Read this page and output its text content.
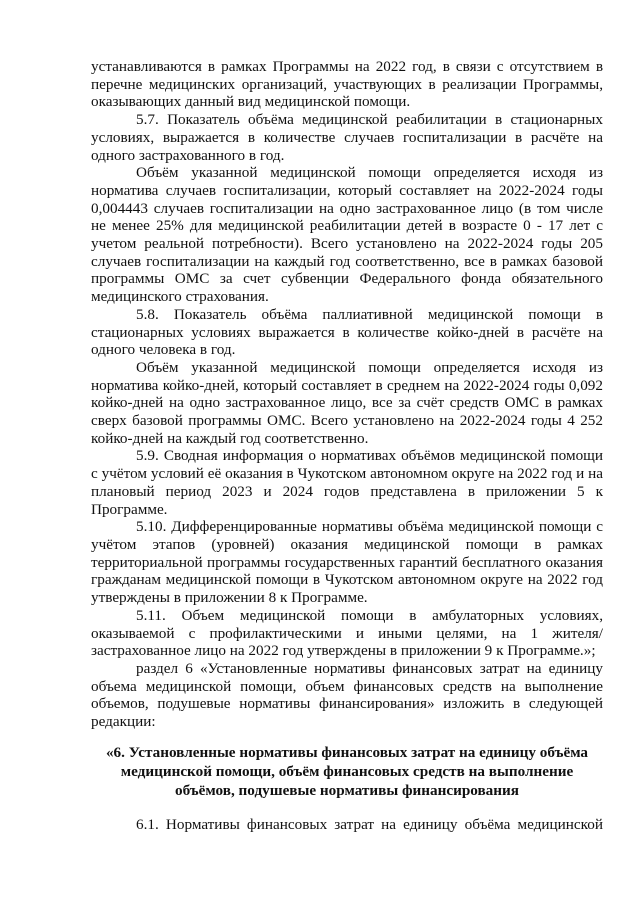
устанавливаются в рамках Программы на 2022 год, в связи с отсутствием в перечне медицинских организаций, участвующих в реализации Программы, оказывающих данный вид медицинской помощи.

5.7. Показатель объёма медицинской реабилитации в стационарных условиях, выражается в количестве случаев госпитализации в расчёте на одного застрахованного в год.

Объём указанной медицинской помощи определяется исходя из норматива случаев госпитализации, который составляет на 2022-2024 годы 0,004443 случаев госпитализации на одно застрахованное лицо (в том числе не менее 25% для медицинской реабилитации детей в возрасте 0 - 17 лет с учетом реальной потребности). Всего установлено на 2022-2024 годы 205 случаев госпитализации на каждый год соответственно, все в рамках базовой программы ОМС за счет субвенции Федерального фонда обязательного медицинского страхования.

5.8. Показатель объёма паллиативной медицинской помощи в стационарных условиях выражается в количестве койко-дней в расчёте на одного человека в год.

Объём указанной медицинской помощи определяется исходя из норматива койко-дней, который составляет в среднем на 2022-2024 годы 0,092 койко-дней на одно застрахованное лицо, все за счёт средств ОМС в рамках сверх базовой программы ОМС. Всего установлено на 2022-2024 годы 4 252 койко-дней на каждый год соответственно.

5.9. Сводная информация о нормативах объёмов медицинской помощи с учётом условий её оказания в Чукотском автономном округе на 2022 год и на плановый период 2023 и 2024 годов представлена в приложении 5 к Программе.

5.10. Дифференцированные нормативы объёма медицинской помощи с учётом этапов (уровней) оказания медицинской помощи в рамках территориальной программы государственных гарантий бесплатного оказания гражданам медицинской помощи в Чукотском автономном округе на 2022 год утверждены в приложении 8 к Программе.

5.11. Объем медицинской помощи в амбулаторных условиях, оказываемой с профилактическими и иными целями, на 1 жителя/застрахованное лицо на 2022 год утверждены в приложении 9 к Программе.»;

раздел 6 «Установленные нормативы финансовых затрат на единицу объема медицинской помощи, объем финансовых средств на выполнение объемов, подушевые нормативы финансирования» изложить в следующей редакции:

«6. Установленные нормативы финансовых затрат на единицу объёма медицинской помощи, объём финансовых средств на выполнение объёмов, подушевые нормативы финансирования

6.1. Нормативы финансовых затрат на единицу объёма медицинской
